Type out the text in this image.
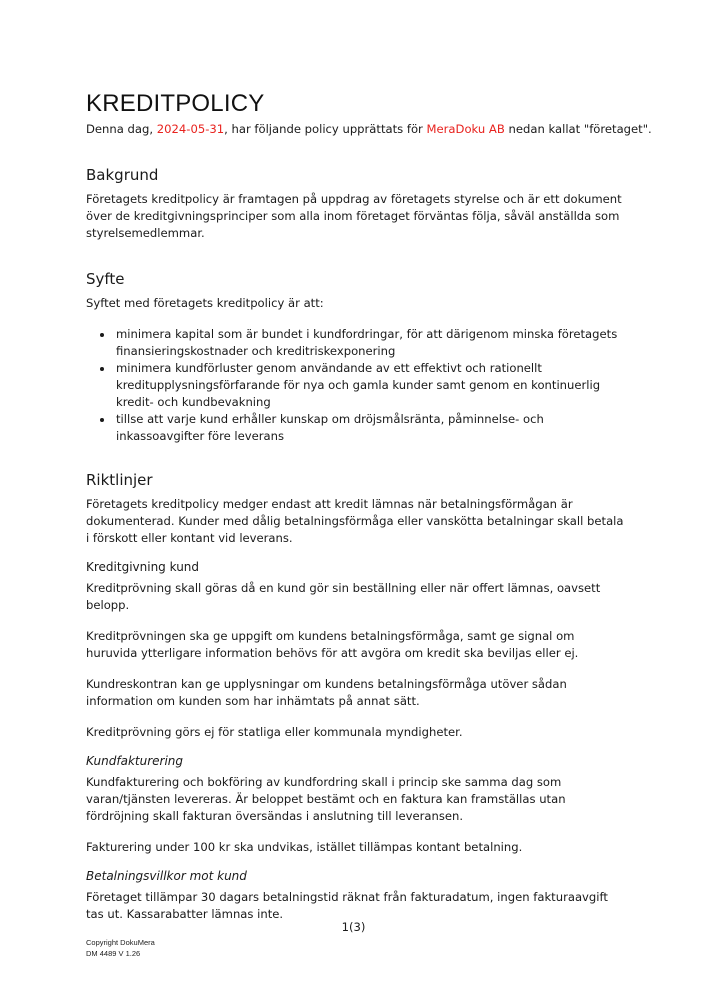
KREDITPOLICY

Denna dag, 2024-05-31, har följande policy upprättats för MeraDoku AB nedan kallat "företaget".

Bakgrund

Företagets kreditpolicy är framtagen på uppdrag av företagets styrelse och är ett dokument över de kreditgivningsprinciper som alla inom företaget förväntas följa, såväl anställda som styrelsemedlemmar.

Syfte

Syftet med företagets kreditpolicy är att:

• minimera kapital som är bundet i kundfordringar, för att därigenom minska företagets finansieringskostnader och kreditriskexponering
• minimera kundförluster genom användande av ett effektivt och rationellt kreditupplysningsförfarande för nya och gamla kunder samt genom en kontinuerlig kredit- och kundbevakning
• tillse att varje kund erhåller kunskap om dröjsmålsränta, påminnelse- och inkassoavgifter före leverans
Riktlinjer

Företagets kreditpolicy medger endast att kredit lämnas när betalningsförmågan är dokumenterad. Kunder med dålig betalningsförmåga eller vanskötta betalningar skall betala i förskott eller kontant vid leverans.

Kreditgivning kund

Kreditprövning skall göras då en kund gör sin beställning eller när offert lämnas, oavsett belopp.

Kreditprövningen ska ge uppgift om kundens betalningsförmåga, samt ge signal om huruvida ytterligare information behövs för att avgöra om kredit ska beviljas eller ej.

Kundreskontran kan ge upplysningar om kundens betalningsförmåga utöver sådan information om kunden som har inhämtats på annat sätt.

Kreditprövning görs ej för statliga eller kommunala myndigheter.

Kundfakturering

Kundfakturering och bokföring av kundfordring skall i princip ske samma dag som varan/tjänsten levereras. Är beloppet bestämt och en faktura kan framställas utan fördröjning skall fakturan översändas i anslutning till leveransen.

Fakturering under 100 kr ska undvikas, istället tillämpas kontant betalning.

Betalningsvillkor mot kund

Företaget tillämpar 30 dagars betalningstid räknat från fakturadatum, ingen fakturaavgift tas ut. Kassarabatter lämnas inte.

1(3)
Copyright DokuMera
DM 4489 V 1.26
